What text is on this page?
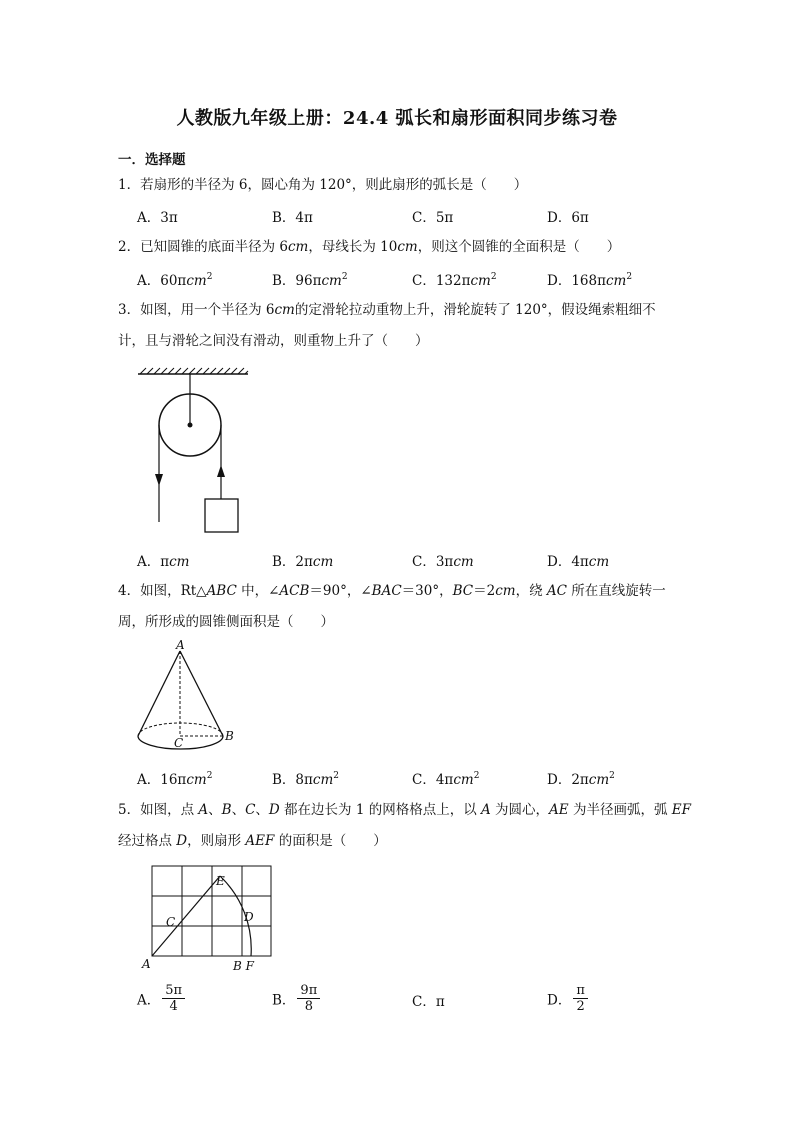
人教版九年级上册：24.4 弧长和扇形面积同步练习卷
一．选择题
1．若扇形的半径为 6，圆心角为 120°，则此扇形的弧长是（　　）
A．3π	B．4π	C．5π	D．6π
2．已知圆锥的底面半径为 6cm，母线长为 10cm，则这个圆锥的全面积是（　　）
A．60πcm$^2$	B．96πcm$^2$	C．132πcm$^2$	D．168πcm$^2$
3．如图，用一个半径为 6cm的定滑轮拉动重物上升，滑轮旋转了 120°，假设绳索粗细不
计，且与滑轮之间没有滑动，则重物上升了（　　）
A．πcm	B．2πcm	C．3πcm	D．4πcm
4．如图，Rt△ABC 中，∠ACB＝90°，∠BAC＝30°，BC＝2cm，绕 AC 所在直线旋转一
周，所形成的圆锥侧面积是（　　）
A
B
C
A．16πcm$^2$	B．8πcm$^2$	C．4πcm$^2$	D．2πcm$^2$
5．如图，点 A、B、C、D 都在边长为 1 的网格格点上，以 A 为圆心，AE 为半径画弧，弧 EF
经过格点 D，则扇形 AEF 的面积是（　　）
A
C	D
E
B F
A． $\frac{5\pi}{4}$	B． $\frac{9\pi}{8}$	C．π	D． $\frac{\pi}{2}$
